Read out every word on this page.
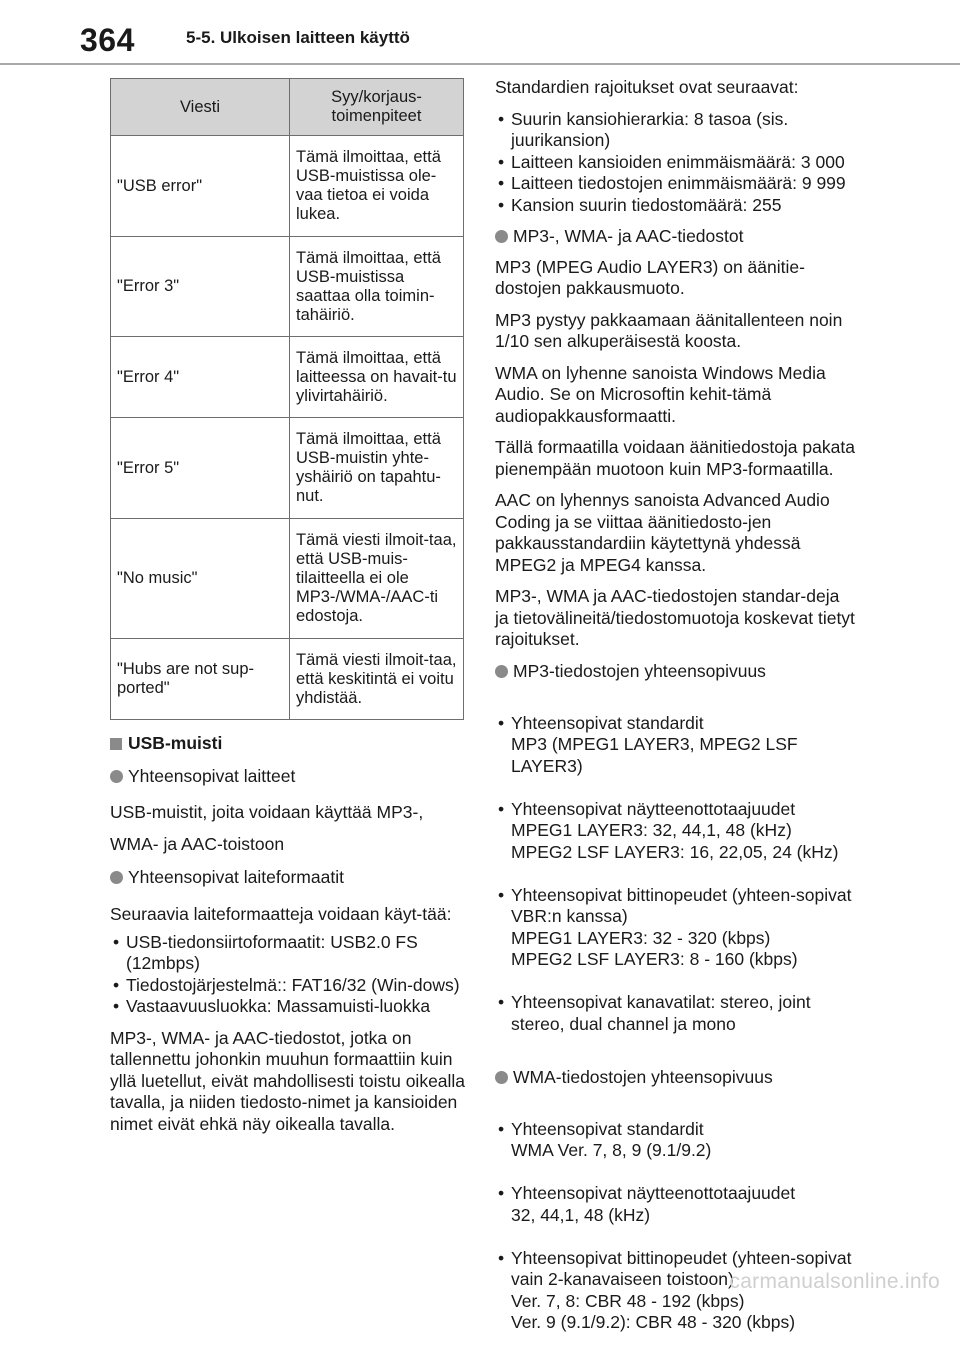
364	5-5. Ulkoisen laitteen käyttö
Viesti	Syy/korjaus-
toimenpiteet
"USB error"	Tämä ilmoittaa, että USB-muistissa ole-vaa tietoa ei voida lukea.
"Error 3"	Tämä ilmoittaa, että USB-muistissa saattaa olla toimin-tahäiriö.
"Error 4"	Tämä ilmoittaa, että laitteessa on havait-tu ylivirtahäiriö.
"Error 5"	Tämä ilmoittaa, että USB-muistin yhte-yshäiriö on tapahtu-nut.
"No music"	Tämä viesti ilmoit-taa, että USB-muis-tilaitteella ei ole MP3-/WMA-/AAC-ti edostoja.
"Hubs are not sup-ported"	Tämä viesti ilmoit-taa, että keskitintä ei voitu yhdistää.
USB-muisti
Yhteensopivat laitteet

USB-muistit, joita voidaan käyttää MP3-, WMA- ja AAC-toistoon

Yhteensopivat laiteformaatit

Seuraavia laiteformaatteja voidaan käyt-tää:

• USB-tiedonsiirtoformaatit: USB2.0 FS (12mbps)
• Tiedostojärjestelmä:: FAT16/32 (Win-dows)
• Vastaavuusluokka: Massamuisti-luokka

MP3-, WMA- ja AAC-tiedostot, jotka on tallennettu johonkin muuhun formaattiin kuin yllä luetellut, eivät mahdollisesti toistu oikealla tavalla, ja niiden tiedosto-nimet ja kansioiden nimet eivät ehkä näy oikealla tavalla.

Standardien rajoitukset ovat seuraavat:

• Suurin kansiohierarkia: 8 tasoa (sis. juurikansion)
• Laitteen kansioiden enimmäismäärä: 3 000
• Laitteen tiedostojen enimmäismäärä: 9 999
• Kansion suurin tiedostomäärä: 255
MP3-, WMA- ja AAC-tiedostot

MP3 (MPEG Audio LAYER3) on äänitie-dostojen pakkausmuoto.

MP3 pystyy pakkaamaan äänitallenteen noin 1/10 sen alkuperäisestä koosta.

WMA on lyhenne sanoista Windows Media Audio. Se on Microsoftin kehit-tämä audiopakkausformaatti.

Tällä formaatilla voidaan äänitiedostoja pakata pienempään muotoon kuin MP3-formaatilla.

AAC on lyhennys sanoista Advanced Audio Coding ja se viittaa äänitiedosto-jen pakkausstandardiin käytettynä yhdessä MPEG2 ja MPEG4 kanssa.

MP3-, WMA ja AAC-tiedostojen standar-deja ja tietovälineitä/tiedostomuotoja koskevat tietyt rajoitukset.

MP3-tiedostojen yhteensopivuus

• Yhteensopivat standardit
MP3 (MPEG1 LAYER3, MPEG2 LSF LAYER3)

• Yhteensopivat näytteenottotaajuudet
MPEG1 LAYER3: 32, 44,1, 48 (kHz)
MPEG2 LSF LAYER3: 16, 22,05, 24 (kHz)

• Yhteensopivat bittinopeudet (yhteen-sopivat VBR:n kanssa)
MPEG1 LAYER3: 32 - 320 (kbps)
MPEG2 LSF LAYER3: 8 - 160 (kbps)

• Yhteensopivat kanavatilat: stereo, joint stereo, dual channel ja mono

WMA-tiedostojen yhteensopivuus

• Yhteensopivat standardit
WMA Ver. 7, 8, 9 (9.1/9.2)

• Yhteensopivat näytteenottotaajuudet
32, 44,1, 48 (kHz)

• Yhteensopivat bittinopeudet (yhteen-sopivat vain 2-kanavaiseen toistoon)
Ver. 7, 8: CBR 48 - 192 (kbps)
Ver. 9 (9.1/9.2): CBR 48 - 320 (kbps)

carmanualsonline.info
